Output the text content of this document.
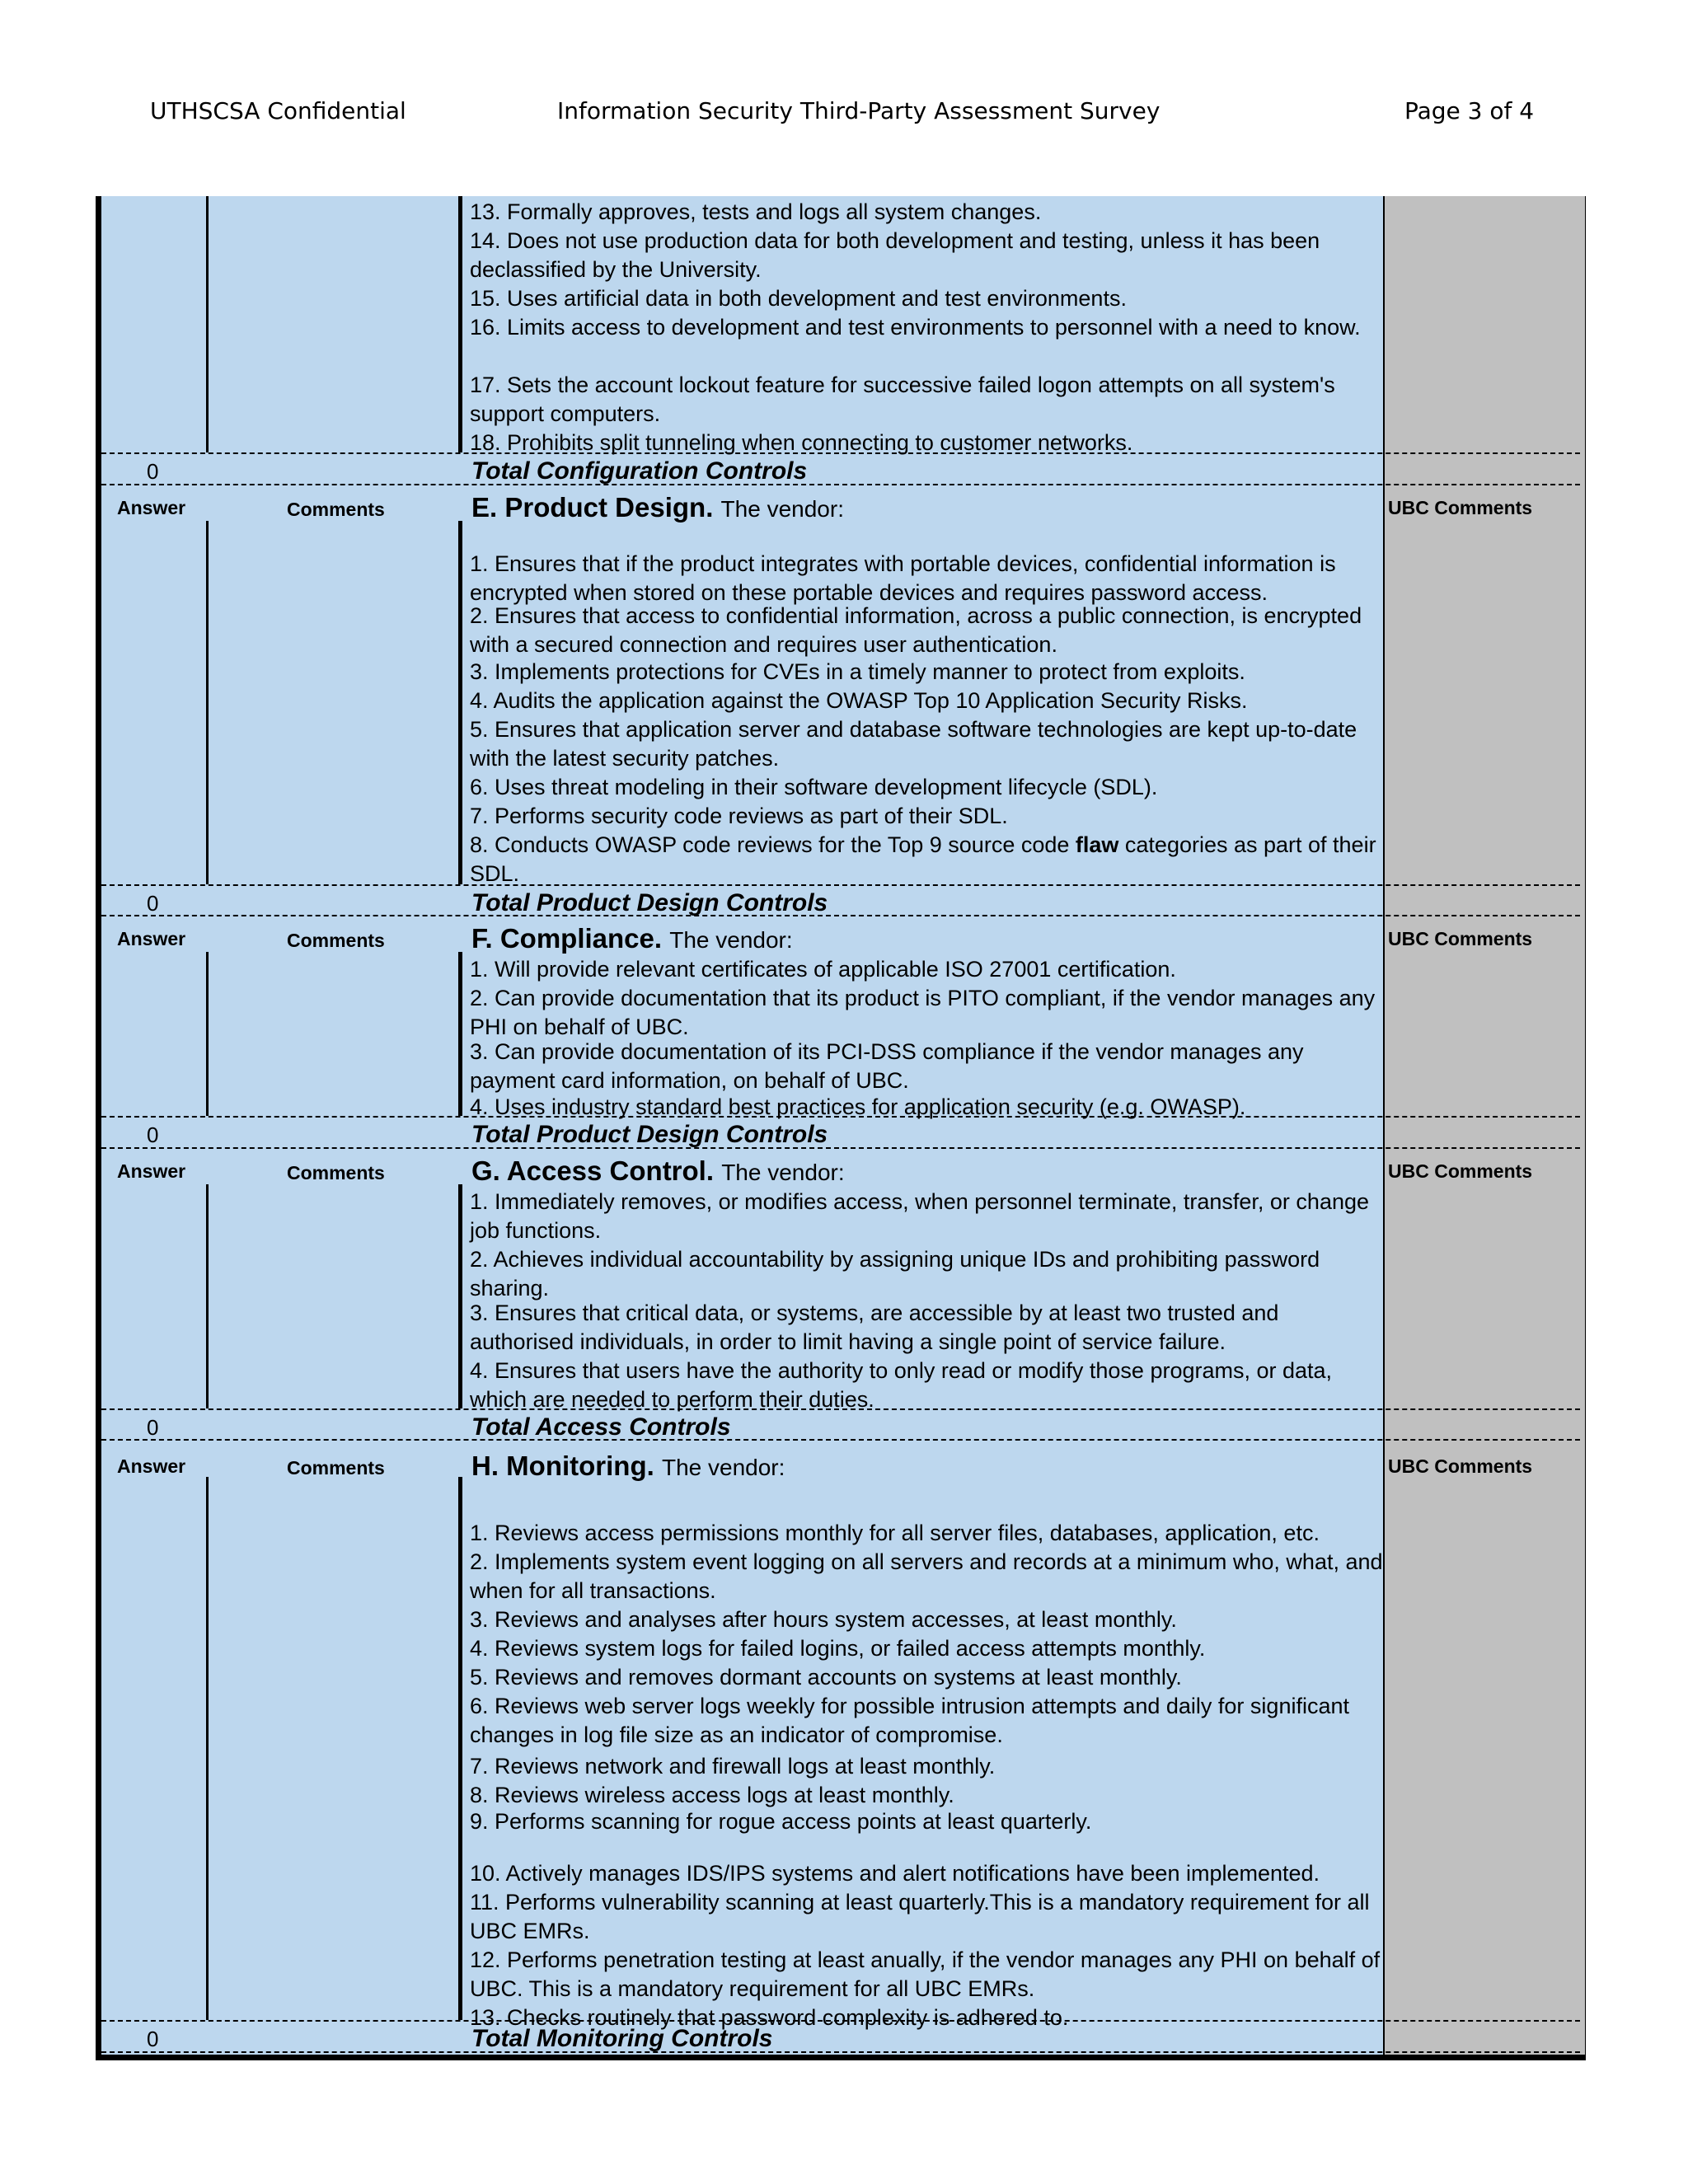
UTHSCSA Confidential	Information Security Third-Party Assessment Survey	Page 3 of 4
13. Formally approves, tests and logs all system changes.
14. Does not use production data for both development and testing, unless it has been declassified by the University.
15. Uses artificial data in both development and test environments.
16. Limits access to development and test environments to personnel with a need to know.
17. Sets the account lockout feature for successive failed logon attempts on all system's support computers.
18. Prohibits split tunneling when connecting to customer networks.
0	Total Configuration Controls
Answer	Comments	UBC Comments
E. Product Design. The vendor:
1. Ensures that if the product integrates with portable devices, confidential information is encrypted when stored on these portable devices and requires password access.
2. Ensures that access to confidential information, across a public connection, is encrypted with a secured connection and requires user authentication.
3. Implements protections for CVEs in a timely manner to protect from exploits.
4. Audits the application against the OWASP Top 10 Application Security Risks.
5. Ensures that application server and database software technologies are kept up-to-date with the latest security patches.
6. Uses threat modeling in their software development lifecycle (SDL).
7. Performs security code reviews as part of their SDL.
8. Conducts OWASP code reviews for the Top 9 source code flaw categories as part of their SDL.
0	Total Product Design Controls
Answer	Comments	UBC Comments
F. Compliance. The vendor:
1. Will provide relevant certificates of applicable ISO 27001 certification.
2. Can provide documentation that its product is PITO compliant, if the vendor manages any PHI on behalf of UBC.
3. Can provide documentation of its PCI-DSS compliance if the vendor manages any payment card information, on behalf of UBC.
4. Uses industry standard best practices for application security (e.g. OWASP).
0	Total Product Design Controls
Answer	Comments	UBC Comments
G. Access Control. The vendor:
1. Immediately removes, or modifies access, when personnel terminate, transfer, or change job functions.
2. Achieves individual accountability by assigning unique IDs and prohibiting password sharing.
3. Ensures that critical data, or systems, are accessible by at least two trusted and authorised individuals, in order to limit having a single point of service failure.
4. Ensures that users have the authority to only read or modify those programs, or data, which are needed to perform their duties.
0	Total Access Controls
Answer	Comments	UBC Comments
H. Monitoring. The vendor:
1. Reviews access permissions monthly for all server files, databases, application, etc.
2. Implements system event logging on all servers and records at a minimum who, what, and when for all transactions.
3. Reviews and analyses after hours system accesses, at least monthly.
4. Reviews system logs for failed logins, or failed access attempts monthly.
5. Reviews and removes dormant accounts on systems at least monthly.
6. Reviews web server logs weekly for possible intrusion attempts and daily for significant changes in log file size as an indicator of compromise.
7. Reviews network and firewall logs at least monthly.
8. Reviews wireless access logs at least monthly.
9. Performs scanning for rogue access points at least quarterly.
10. Actively manages IDS/IPS systems and alert notifications have been implemented.
11. Performs vulnerability scanning at least quarterly.This is a mandatory requirement for all UBC EMRs.
12. Performs penetration testing at least anually, if the vendor manages any PHI on behalf of UBC. This is a mandatory requirement for all UBC EMRs.
13. Checks routinely that password complexity is adhered to.
0	Total Monitoring Controls
